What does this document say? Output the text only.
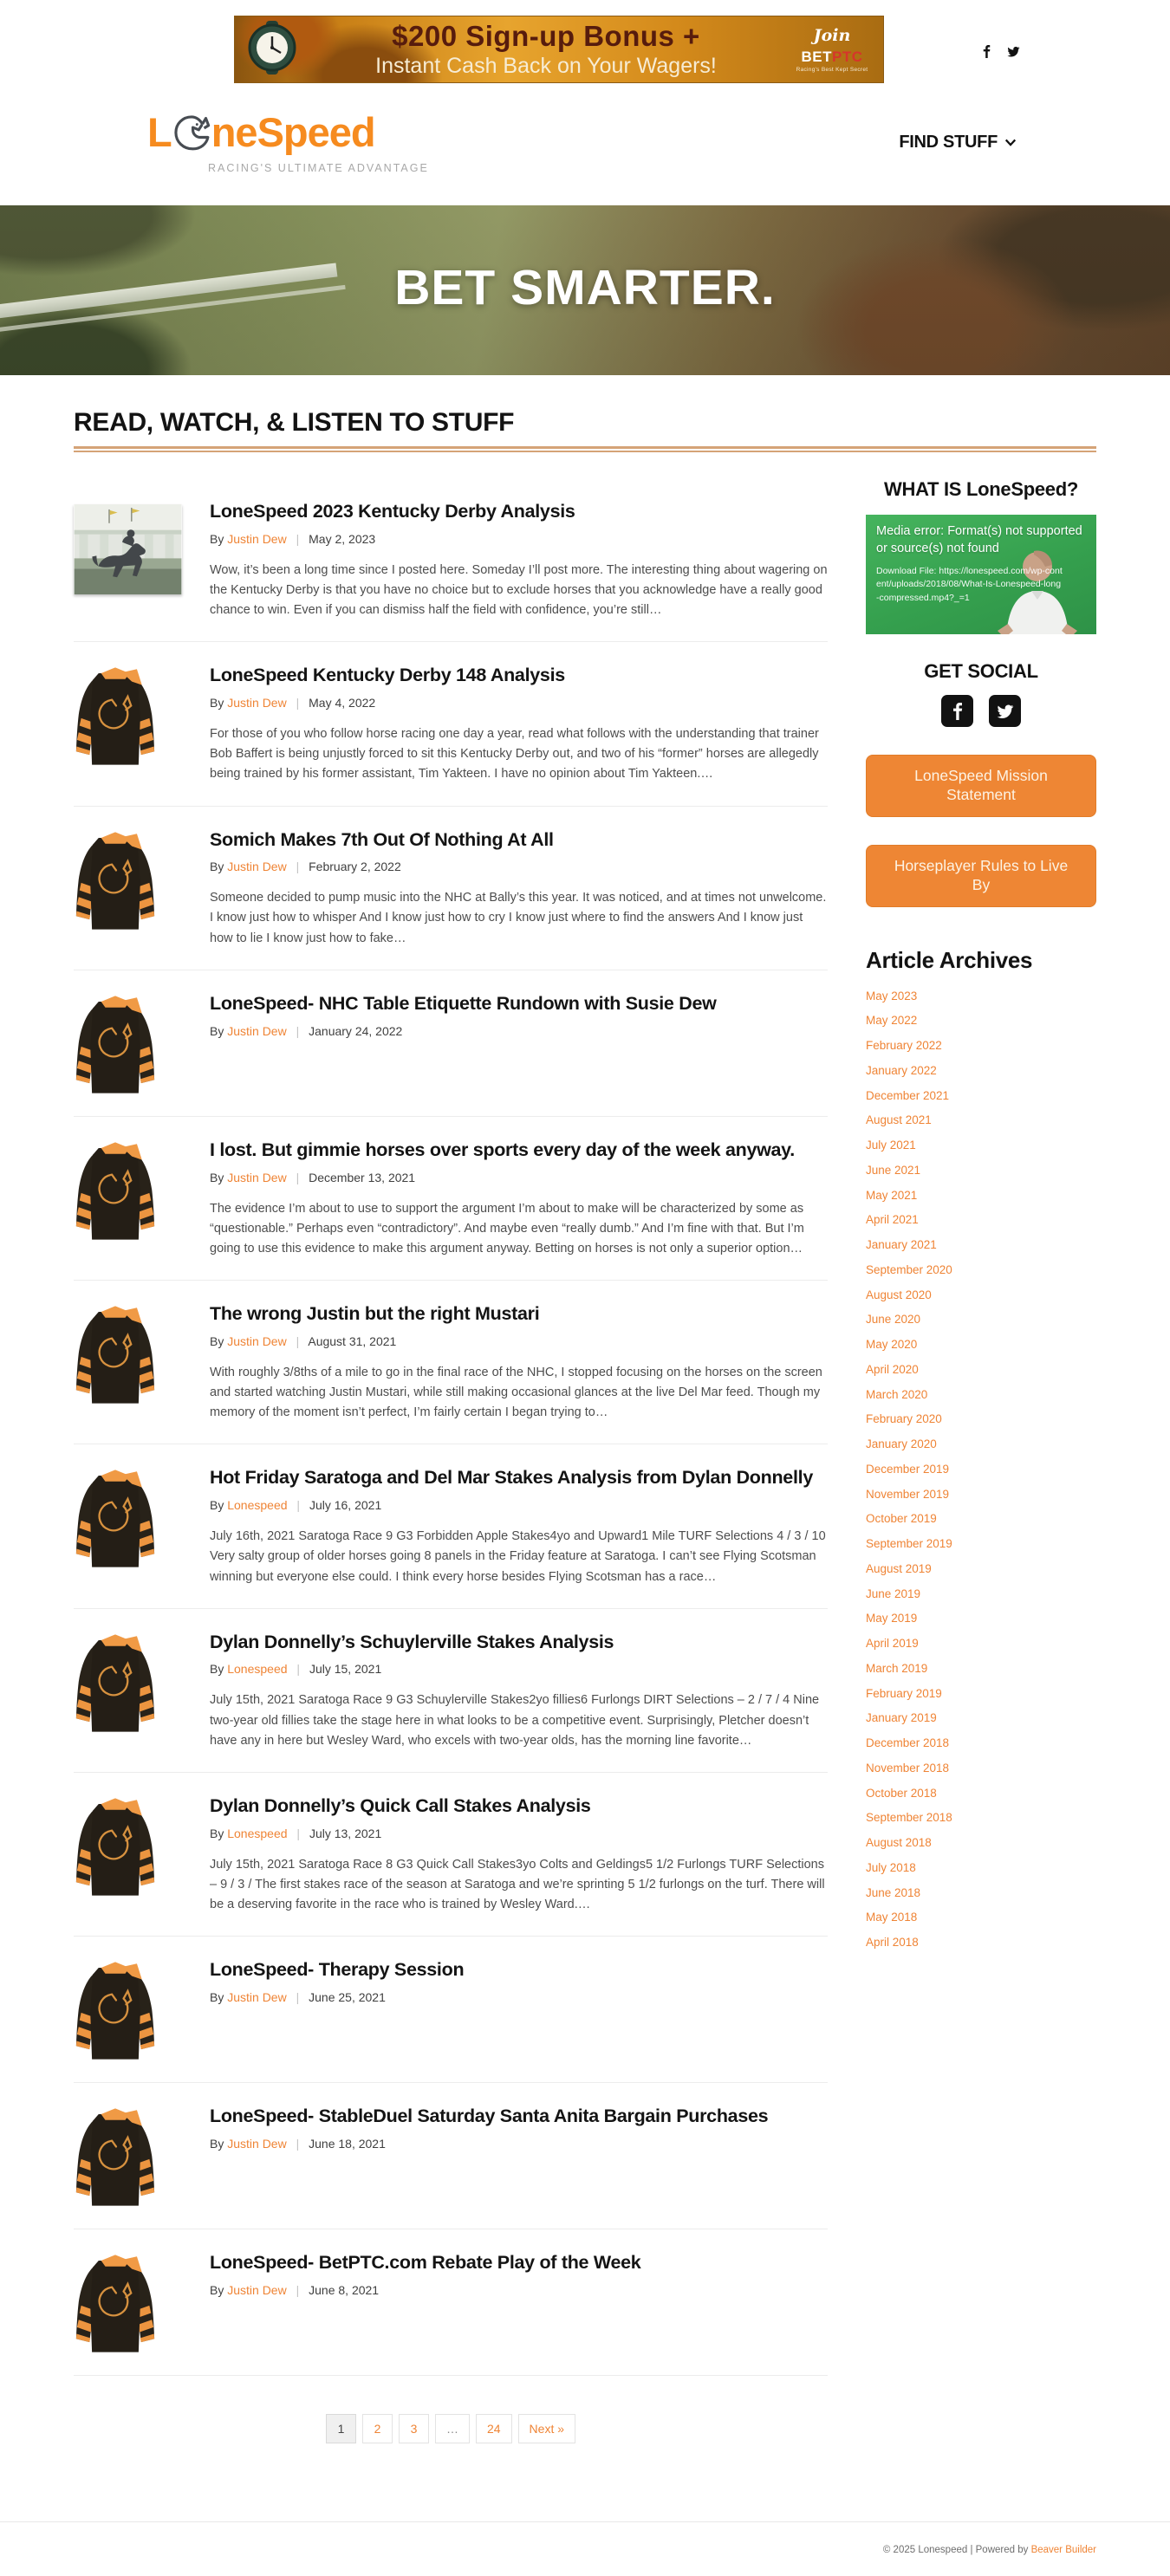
$200 Sign-up Bonus +
Instant Cash Back on Your Wagers!
Join
BETPTC
Racing's Best Kept Secret
L neSpeed
RACING'S ULTIMATE ADVANTAGE
FIND STUFF
BET SMARTER.
READ, WATCH, & LISTEN TO STUFF
LoneSpeed 2023 Kentucky Derby Analysis
By Justin Dew | May 2, 2023

Wow, it’s been a long time since I posted here. Someday I’ll post more. The interesting thing about wagering on the Kentucky Derby is that you have no choice but to exclude horses that you acknowledge have a really good chance to win. Even if you can dismiss half the field with confidence, you’re still…

LoneSpeed Kentucky Derby 148 Analysis
By Justin Dew | May 4, 2022

For those of you who follow horse racing one day a year, read what follows with the understanding that trainer Bob Baffert is being unjustly forced to sit this Kentucky Derby out, and two of his “former” horses are allegedly being trained by his former assistant, Tim Yakteen. I have no opinion about Tim Yakteen.…

Somich Makes 7th Out Of Nothing At All
By Justin Dew | February 2, 2022

Someone decided to pump music into the NHC at Bally’s this year. It was noticed, and at times not unwelcome. I know just how to whisper And I know just how to cry I know just where to find the answers And I know just how to lie I know just how to fake…

LoneSpeed- NHC Table Etiquette Rundown with Susie Dew
By Justin Dew | January 24, 2022
I lost. But gimmie horses over sports every day of the week anyway.
By Justin Dew | December 13, 2021

The evidence I’m about to use to support the argument I’m about to make will be characterized by some as “questionable.” Perhaps even “contradictory”. And maybe even “really dumb.” And I’m fine with that. But I’m going to use this evidence to make this argument anyway. Betting on horses is not only a superior option…

The wrong Justin but the right Mustari
By Justin Dew | August 31, 2021

With roughly 3/8ths of a mile to go in the final race of the NHC, I stopped focusing on the horses on the screen and started watching Justin Mustari, while still making occasional glances at the live Del Mar feed. Though my memory of the moment isn’t perfect, I’m fairly certain I began trying to…

Hot Friday Saratoga and Del Mar Stakes Analysis from Dylan Donnelly
By Lonespeed | July 16, 2021

July 16th, 2021 Saratoga Race 9 G3 Forbidden Apple Stakes4yo and Upward1 Mile TURF Selections 4 / 3 / 10 Very salty group of older horses going 8 panels in the Friday feature at Saratoga. I can’t see Flying Scotsman winning but everyone else could. I think every horse besides Flying Scotsman has a race…

Dylan Donnelly’s Schuylerville Stakes Analysis
By Lonespeed | July 15, 2021

July 15th, 2021 Saratoga Race 9 G3 Schuylerville Stakes2yo fillies6 Furlongs DIRT Selections – 2 / 7 / 4 Nine two-year old fillies take the stage here in what looks to be a competitive event. Surprisingly, Pletcher doesn’t have any in here but Wesley Ward, who excels with two-year olds, has the morning line favorite…

Dylan Donnelly’s Quick Call Stakes Analysis
By Lonespeed | July 13, 2021

July 15th, 2021 Saratoga Race 8 G3 Quick Call Stakes3yo Colts and Geldings5 1/2 Furlongs TURF Selections – 9 / 3 / The first stakes race of the season at Saratoga and we’re sprinting 5 1/2 furlongs on the turf. There will be a deserving favorite in the race who is trained by Wesley Ward.…

LoneSpeed- Therapy Session
By Justin Dew | June 25, 2021
LoneSpeed- StableDuel Saturday Santa Anita Bargain Purchases
By Justin Dew | June 18, 2021
LoneSpeed- BetPTC.com Rebate Play of the Week
By Justin Dew | June 8, 2021
1	2	3	…	24	Next »
WHAT IS LoneSpeed?
Media error: Format(s) not supported or source(s) not found
Download File: https://lonespeed.com/wp-content/uploads/2018/08/What-Is-Lonespeed-long-compressed.mp4?_=1
GET SOCIAL
LoneSpeed Mission Statement
Horseplayer Rules to Live By
Article Archives
May 2023
May 2022
February 2022
January 2022
December 2021
August 2021
July 2021
June 2021
May 2021
April 2021
January 2021
September 2020
August 2020
June 2020
May 2020
April 2020
March 2020
February 2020
January 2020
December 2019
November 2019
October 2019
September 2019
August 2019
June 2019
May 2019
April 2019
March 2019
February 2019
January 2019
December 2018
November 2018
October 2018
September 2018
August 2018
July 2018
June 2018
May 2018
April 2018
© 2025 Lonespeed | Powered by Beaver Builder
